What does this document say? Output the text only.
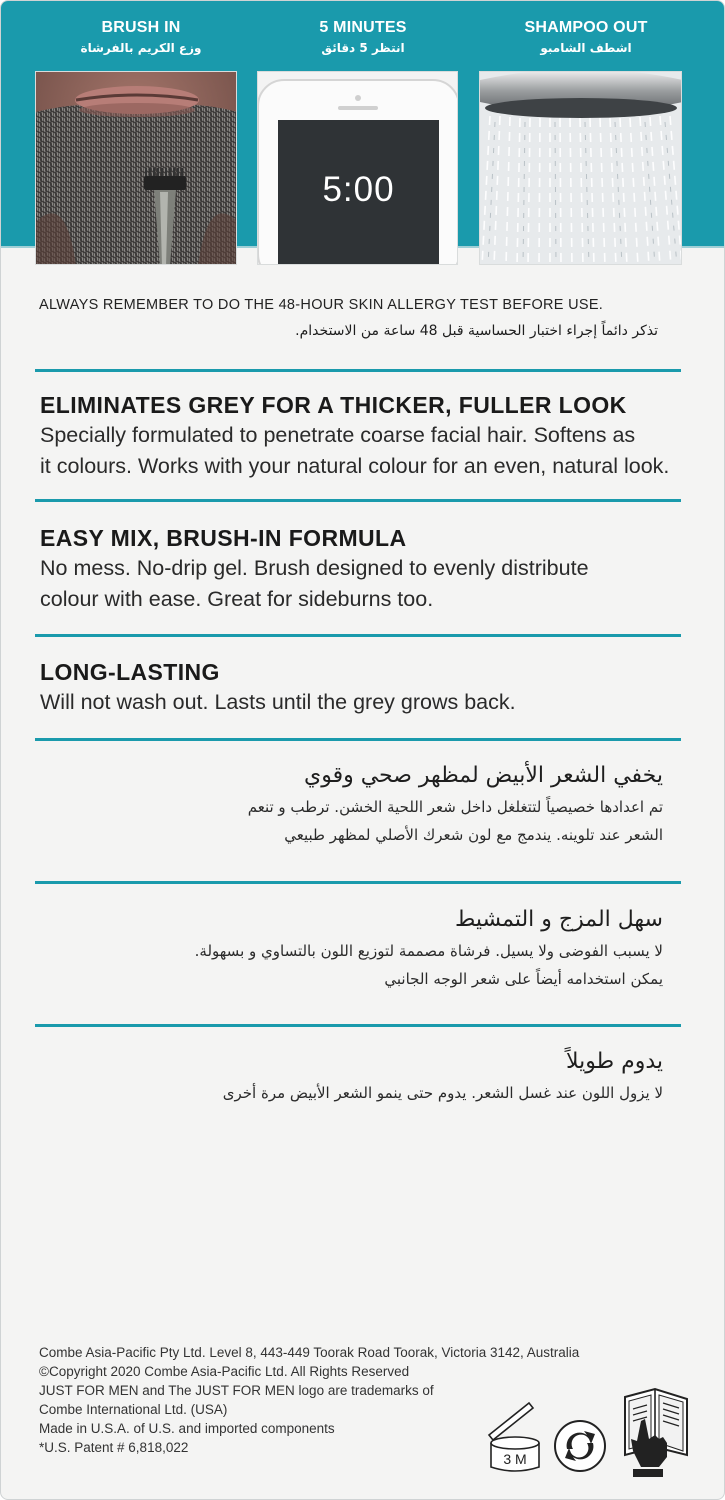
BRUSH IN
وزع الكريم بالفرشاة
5 MINUTES
انتظر 5 دقائق
SHAMPOO OUT
اشطف الشامبو
5:00
ALWAYS REMEMBER TO DO THE 48-HOUR SKIN ALLERGY TEST BEFORE USE.
تذكر دائماً إجراء اختبار الحساسية قبل 48 ساعة من الاستخدام.
ELIMINATES GREY FOR A THICKER, FULLER LOOK

Specially formulated to penetrate coarse facial hair. Softens as

it colours. Works with your natural colour for an even, natural look.

EASY MIX, BRUSH-IN FORMULA

No mess. No-drip gel. Brush designed to evenly distribute

colour with ease. Great for sideburns too.

LONG-LASTING

Will not wash out. Lasts until the grey grows back.

يخفي الشعر الأبيض لمظهر صحي وقوي

تم اعدادها خصيصياً لتتغلغل داخل شعر اللحية الخشن. ترطب و تنعم

الشعر عند تلوينه. يندمج مع لون شعرك الأصلي لمظهر طبيعي

سهل المزج و التمشيط

لا يسبب الفوضى ولا يسيل. فرشاة مصممة لتوزيع اللون بالتساوي و بسهولة.

يمكن استخدامه أيضاً على شعر الوجه الجانبي

يدوم طويلاً

لا يزول اللون عند غسل الشعر. يدوم حتى ينمو الشعر الأبيض مرة أخرى

Combe Asia-Pacific Pty Ltd. Level 8, 443-449 Toorak Road Toorak, Victoria 3142, Australia
©Copyright 2020 Combe Asia-Pacific Ltd. All Rights Reserved
JUST FOR MEN and The JUST FOR MEN logo are trademarks of
Combe International Ltd. (USA)
Made in U.S.A. of U.S. and imported components
*U.S. Patent # 6,818,022
3 M
